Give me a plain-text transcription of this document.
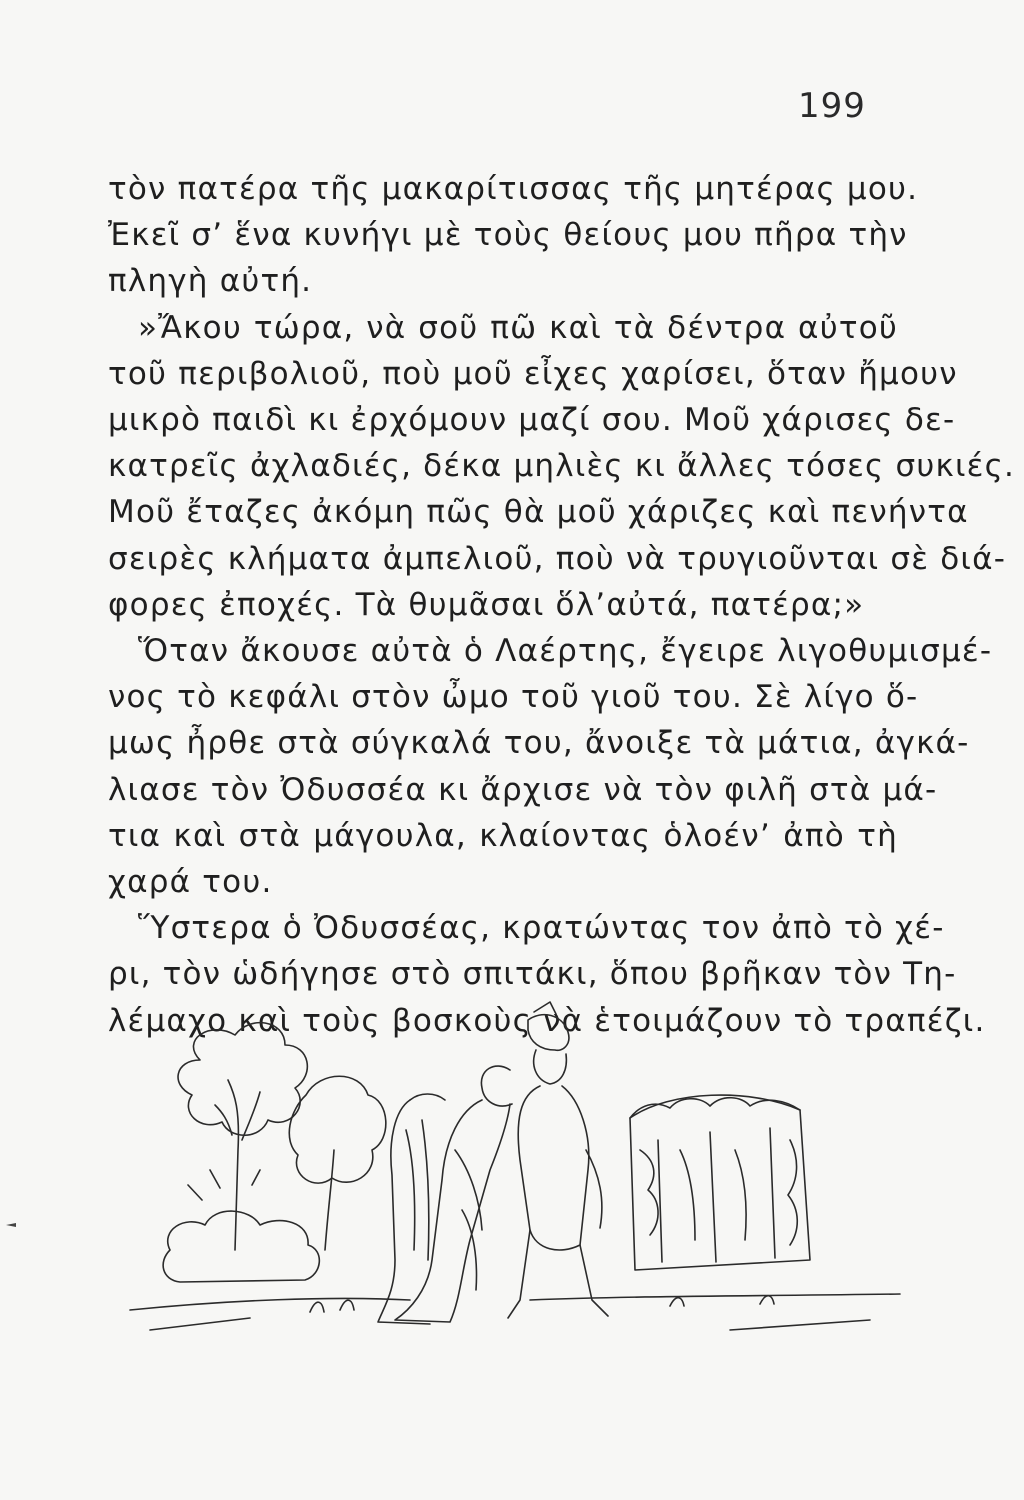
199
τὸν πατέρα τῆς μακαρίτισσας τῆς μητέρας μου.
Ἐκεῖ σ’ ἕνα κυνήγι μὲ τοὺς θείους μου πῆρα τὴν
πληγὴ αὐτή.
»Ἄκου τώρα, νὰ σοῦ πῶ καὶ τὰ δέντρα αὐτοῦ
τοῦ περιβολιοῦ, ποὺ μοῦ εἶχες χαρίσει, ὅταν ἤμουν
μικρὸ παιδὶ κι ἐρχόμουν μαζί σου. Μοῦ χάρισες δε-
κατρεῖς ἀχλαδιές, δέκα μηλιὲς κι ἄλλες τόσες συκιές.
Μοῦ ἔταζες ἀκόμη πῶς θὰ μοῦ χάριζες καὶ πενήντα
σειρὲς κλήματα ἀμπελιοῦ, ποὺ νὰ τρυγιοῦνται σὲ διά-
φορες ἐποχές. Τὰ θυμᾶσαι ὅλ’αὐτά, πατέρα;»
Ὅταν ἄκουσε αὐτὰ ὁ Λαέρτης, ἔγειρε λιγοθυμισμέ-
νος τὸ κεφάλι στὸν ὦμο τοῦ γιοῦ του. Σὲ λίγο ὅ-
μως ἦρθε στὰ σύγκαλά του, ἄνοιξε τὰ μάτια, ἀγκά-
λιασε τὸν Ὀδυσσέα κι ἄρχισε νὰ τὸν φιλῆ στὰ μά-
τια καὶ στὰ μάγουλα, κλαίοντας ὁλοέν’ ἀπὸ τὴ
χαρά του.
Ὕστερα ὁ Ὀδυσσέας, κρατώντας τον ἀπὸ τὸ χέ-
ρι, τὸν ὡδήγησε στὸ σπιτάκι, ὅπου βρῆκαν τὸν Τη-
λέμαχο καὶ τοὺς βοσκοὺς νὰ ἑτοιμάζουν τὸ τραπέζι.
